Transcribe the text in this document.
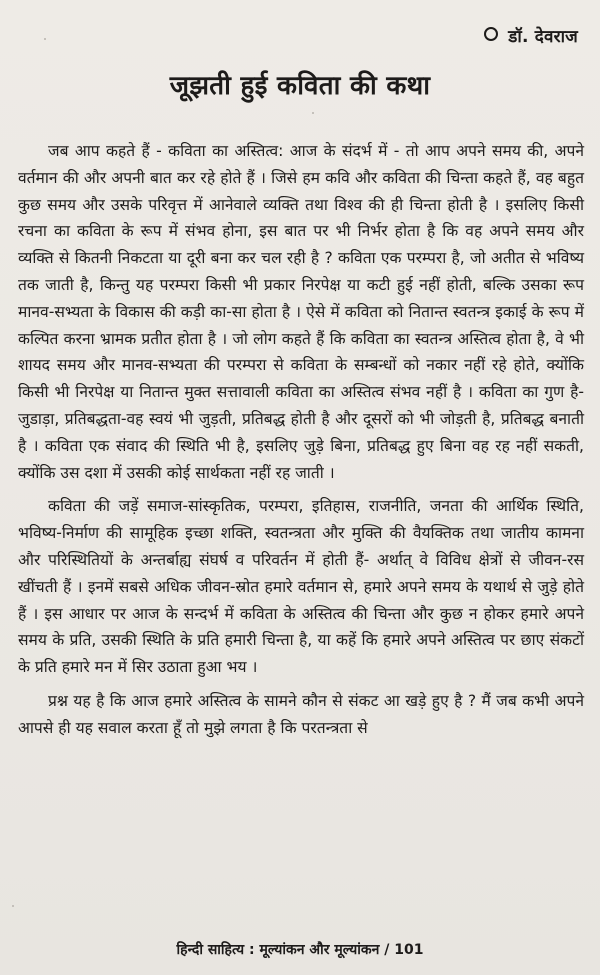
डॉ. देवराज
जूझती हुई कविता की कथा

जब आप कहते हैं - कविता का अस्तित्व: आज के संदर्भ में - तो आप अपने समय की, अपने वर्तमान की और अपनी बात कर रहे होते हैं । जिसे हम कवि और कविता की चिन्ता कहते हैं, वह बहुत कुछ समय और उसके परिवृत्त में आनेवाले व्यक्ति तथा विश्व की ही चिन्ता होती है । इसलिए किसी रचना का कविता के रूप में संभव होना, इस बात पर भी निर्भर होता है कि वह अपने समय और व्यक्ति से कितनी निकटता या दूरी बना कर चल रही है ? कविता एक परम्परा है, जो अतीत से भविष्य तक जाती है, किन्तु यह परम्परा किसी भी प्रकार निरपेक्ष या कटी हुई नहीं होती, बल्कि उसका रूप मानव-सभ्यता के विकास की कड़ी का-सा होता है । ऐसे में कविता को नितान्त स्वतन्त्र इकाई के रूप में कल्पित करना भ्रामक प्रतीत होता है । जो लोग कहते हैं कि कविता का स्वतन्त्र अस्तित्व होता है, वे भी शायद समय और मानव-सभ्यता की परम्परा से कविता के सम्बन्धों को नकार नहीं रहे होते, क्योंकि किसी भी निरपेक्ष या नितान्त मुक्त सत्तावाली कविता का अस्तित्व संभव नहीं है । कविता का गुण है- जुडाड़ा, प्रतिबद्धता-वह स्वयं भी जुड़ती, प्रतिबद्ध होती है और दूसरों को भी जोड़ती है, प्रतिबद्ध बनाती है । कविता एक संवाद की स्थिति भी है, इसलिए जुड़े बिना, प्रतिबद्ध हुए बिना वह रह नहीं सकती, क्योंकि उस दशा में उसकी कोई सार्थकता नहीं रह जाती ।

कविता की जड़ें समाज-सांस्कृतिक, परम्परा, इतिहास, राजनीति, जनता की आर्थिक स्थिति, भविष्य-निर्माण की सामूहिक इच्छा शक्ति, स्वतन्त्रता और मुक्ति की वैयक्तिक तथा जातीय कामना और परिस्थितियों के अन्तर्बाह्य संघर्ष व परिवर्तन में होती हैं- अर्थात् वे विविध क्षेत्रों से जीवन-रस खींचती हैं । इनमें सबसे अधिक जीवन-स्रोत हमारे वर्तमान से, हमारे अपने समय के यथार्थ से जुड़े होते हैं । इस आधार पर आज के सन्दर्भ में कविता के अस्तित्व की चिन्ता और कुछ न होकर हमारे अपने समय के प्रति, उसकी स्थिति के प्रति हमारी चिन्ता है, या कहें कि हमारे अपने अस्तित्व पर छाए संकटों के प्रति हमारे मन में सिर उठाता हुआ भय ।

प्रश्न यह है कि आज हमारे अस्तित्व के सामने कौन से संकट आ खड़े हुए है ? मैं जब कभी अपने आपसे ही यह सवाल करता हूँ तो मुझे लगता है कि परतन्त्रता से

हिन्दी साहित्य : मूल्यांकन और मूल्यांकन / 101
